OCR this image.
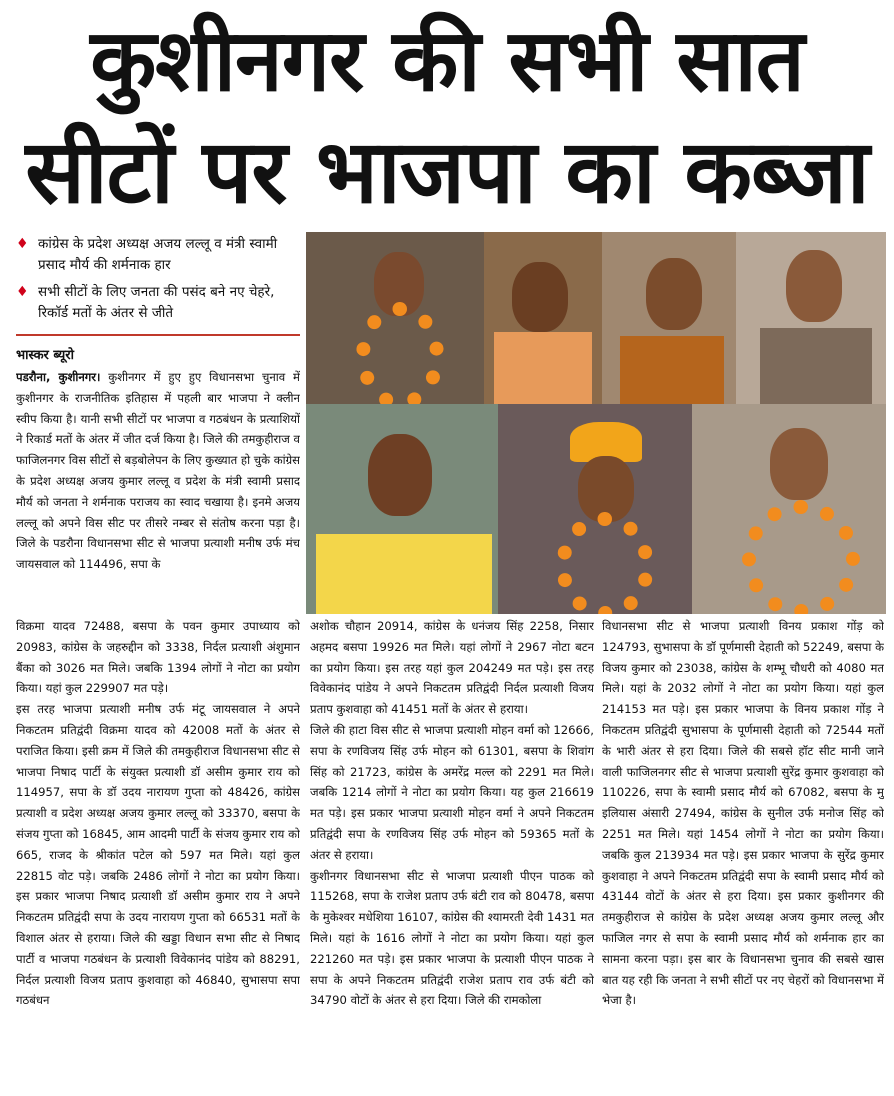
कुशीनगर की सभी सात
सीटों पर भाजपा का कब्जा
♦ कांग्रेस के प्रदेश अध्यक्ष अजय लल्लू व मंत्री स्वामी प्रसाद मौर्य की शर्मनाक हार
♦ सभी सीटों के लिए जनता की पसंद बने नए चेहरे, रिकॉर्ड मतों के अंतर से जीते
भास्कर ब्यूरो

पडरौना, कुशीनगर। कुशीनगर में हुए हुए विधानसभा चुनाव में कुशीनगर के राजनीतिक इतिहास में पहली बार भाजपा ने क्लीन स्वीप किया है। यानी सभी सीटों पर भाजपा व गठबंधन के प्रत्याशियों ने रिकार्ड मतों के अंतर में जीत दर्ज किया है। जिले की तमकुहीराज व फाजिलनगर विस सीटों से बड़बोलेपन के लिए कुख्यात हो चुके कांग्रेस के प्रदेश अध्यक्ष अजय कुमार लल्लू व प्रदेश के मंत्री स्वामी प्रसाद मौर्य को जनता ने शर्मनाक पराजय का स्वाद चखाया है। इनमे अजय लल्लू को अपने विस सीट पर तीसरे नम्बर से संतोष करना पड़ा है। जिले के पडरौना विधानसभा सीट से भाजपा प्रत्याशी मनीष उर्फ मंच जायसवाल को 114496, सपा के

विक्रमा यादव 72488, बसपा के पवन कुमार उपाध्याय को 20983, कांग्रेस के जहरुद्दीन को 3338, निर्दल प्रत्याशी अंशुमान बैंका को 3026 मत मिले। जबकि 1394 लोगों ने नोटा का प्रयोग किया। यहां कुल 229907 मत पड़े।

इस तरह भाजपा प्रत्याशी मनीष उर्फ मंटू जायसवाल ने अपने निकटतम प्रतिद्वंदी विक्रमा यादव को 42008 मतों के अंतर से पराजित किया। इसी क्रम में जिले की तमकुहीराज विधानसभा सीट से भाजपा निषाद पार्टी के संयुक्त प्रत्याशी डॉ असीम कुमार राय को 114957, सपा के डॉ उदय नारायण गुप्ता को 48426, कांग्रेस प्रत्याशी व प्रदेश अध्यक्ष अजय कुमार लल्लू को 33370, बसपा के संजय गुप्ता को 16845, आम आदमी पार्टी के संजय कुमार राय को 665, राजद के श्रीकांत पटेल को 597 मत मिले। यहां कुल 22815 वोट पड़े। जबकि 2486 लोगों ने नोटा का प्रयोग किया। इस प्रकार भाजपा निषाद प्रत्याशी डॉ असीम कुमार राय ने अपने निकटतम प्रतिद्वंदी सपा के उदय नारायण गुप्ता को 66531 मतों के विशाल अंतर से हराया। जिले की खड्डा विधान सभा सीट से निषाद पार्टी व भाजपा गठबंधन के प्रत्याशी विवेकानंद पांडेय को 88291, निर्दल प्रत्याशी विजय प्रताप कुशवाहा को 46840, सुभासपा सपा गठबंधन

अशोक चौहान 20914, कांग्रेस के धनंजय सिंह 2258, निसार अहमद बसपा 19926 मत मिले। यहां लोगों ने 2967 नोटा बटन का प्रयोग किया। इस तरह यहां कुल 204249 मत पड़े। इस तरह विवेकानंद पांडेय ने अपने निकटतम प्रतिद्वंदी निर्दल प्रत्याशी विजय प्रताप कुशवाहा को 41451 मतों के अंतर से हराया।

जिले की हाटा विस सीट से भाजपा प्रत्याशी मोहन वर्मा को 12666, सपा के रणविजय सिंह उर्फ मोहन को 61301, बसपा के शिवांग सिंह को 21723, कांग्रेस के अमरेंद्र मल्ल को 2291 मत मिले। जबकि 1214 लोगों ने नोटा का प्रयोग किया। यह कुल 216619 मत पड़े। इस प्रकार भाजपा प्रत्याशी मोहन वर्मा ने अपने निकटतम प्रतिद्वंदी सपा के रणविजय सिंह उर्फ मोहन को 59365 मतों के अंतर से हराया।

कुशीनगर विधानसभा सीट से भाजपा प्रत्याशी पीएन पाठक को 115268, सपा के राजेश प्रताप उर्फ बंटी राव को 80478, बसपा के मुकेश्वर मधेशिया 16107, कांग्रेस की श्यामरती देवी 1431 मत मिले। यहां के 1616 लोगों ने नोटा का प्रयोग किया। यहां कुल 221260 मत पड़े। इस प्रकार भाजपा के प्रत्याशी पीएन पाठक ने सपा के अपने निकटतम प्रतिद्वंदी राजेश प्रताप राव उर्फ बंटी को 34790 वोटों के अंतर से हरा दिया। जिले की रामकोला

विधानसभा सीट से भाजपा प्रत्याशी विनय प्रकाश गोंड़ को 124793, सुभासपा के डॉ पूर्णमासी देहाती को 52249, बसपा के विजय कुमार को 23038, कांग्रेस के शम्भू चौधरी को 4080 मत मिले। यहां के 2032 लोगों ने नोटा का प्रयोग किया। यहां कुल 214153 मत पड़े। इस प्रकार भाजपा के विनय प्रकाश गोंड़ ने निकटतम प्रतिद्वंदी सुभासपा के पूर्णमासी देहाती को 72544 मतों के भारी अंतर से हरा दिया। जिले की सबसे हॉट सीट मानी जाने वाली फाजिलनगर सीट से भाजपा प्रत्याशी सुरेंद्र कुमार कुशवाहा को 110226, सपा के स्वामी प्रसाद मौर्य को 67082, बसपा के मु इलियास अंसारी 27494, कांग्रेस के सुनील उर्फ मनोज सिंह को 2251 मत मिले। यहां 1454 लोगों ने नोटा का प्रयोग किया। जबकि कुल 213934 मत पड़े। इस प्रकार भाजपा के सुरेंद्र कुमार कुशवाहा ने अपने निकटतम प्रतिद्वंदी सपा के स्वामी प्रसाद मौर्य को 43144 वोटों के अंतर से हरा दिया। इस प्रकार कुशीनगर की तमकुहीराज से कांग्रेस के प्रदेश अध्यक्ष अजय कुमार लल्लू और फाजिल नगर से सपा के स्वामी प्रसाद मौर्य को शर्मनाक हार का सामना करना पड़ा। इस बार के विधानसभा चुनाव की सबसे खास बात यह रही कि जनता ने सभी सीटों पर नए चेहरों को विधानसभा में भेजा है।
